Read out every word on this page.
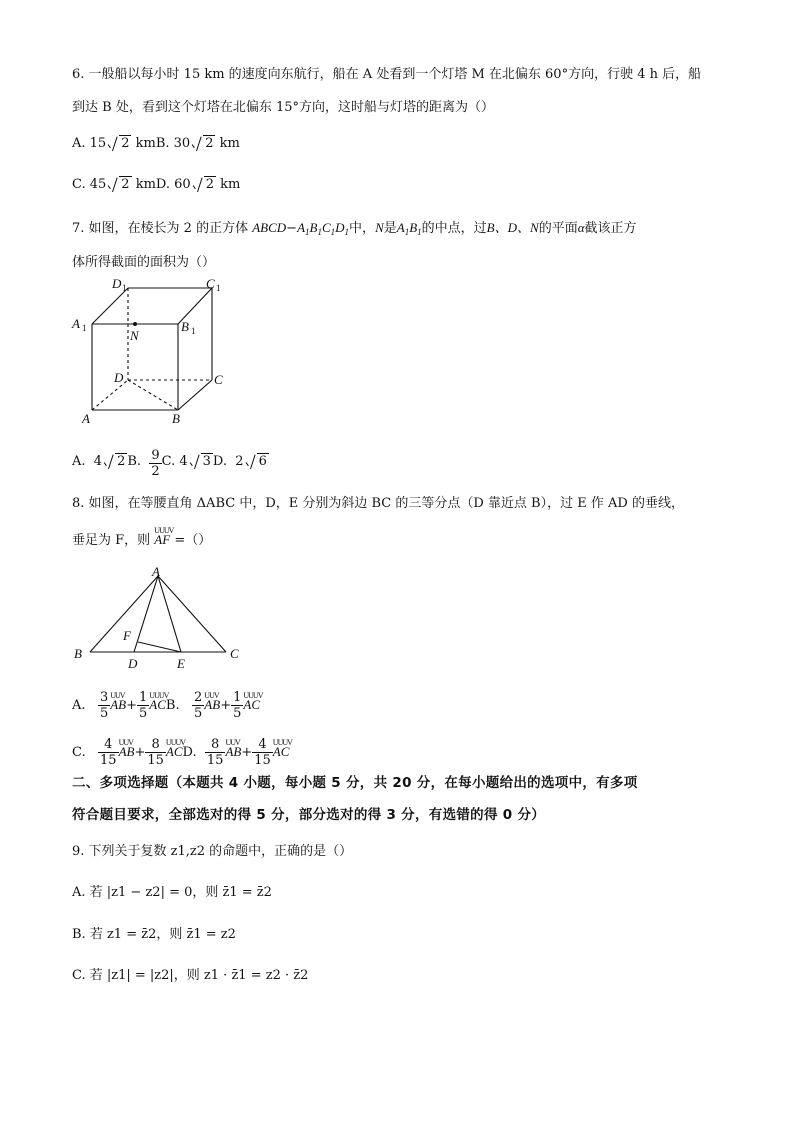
6. 一般船以每小时 15 km 的速度向东航行，船在 A 处看到一个灯塔 M 在北偏东 60°方向，行驶 4 h 后，船
到达 B 处，看到这个灯塔在北偏东 15°方向，这时船与灯塔的距离为（）
A. 15 2 kmB. 30 2 km
C. 45 2 kmD. 60 2 km
7. 如图，在棱长为 2 的正方体 $ABCD-A_1B_1C_1D_1$中，N是$A_1B_1$的中点，过B、D、N的平面α截该正方
体所得截面的面积为（）
D 1	C 1
A 1	B 1
N
D	C
A	B
A. 4 2 B. $\frac{9}{2} C$. 4 3 D. 2 6
8. 如图，在等腰直角 ΔABC 中，D，E 分别为斜边 BC 的三等分点（D 靠近点 B），过 E 作 AD 的垂线，
垂足为 F，则 UUUV AF =（）
A
B	C
D	E
F
A. $\frac{3}{5}$ UUV $AB+ \frac{1}{5}$ UUUV ACB. $\frac{2}{5}$ UUV $AB+ \frac{1}{5}$ UUUV AC
C. $\frac{4}{15}$ UUV $AB+ \frac{8}{15}$ UUUV ACD. $\frac{8}{15}$ UUV $AB+ \frac{4}{15}$ UUUV AC
二、多项选择题（本题共 4 小题，每小题 5 分，共 20 分，在每小题给出的选项中，有多项
符合题目要求，全部选对的得 5 分，部分选对的得 3 分，有选错的得 0 分）
9. 下列关于复数 z1,z2 的命题中，正确的是（）
A. 若 |z1 − z2| = 0，则 z̄1 = z̄2
B. 若 z1 = z̄2，则 z̄1 = z2
C. 若 |z1| = |z2|，则 z1 · z̄1 = z2 · z̄2
